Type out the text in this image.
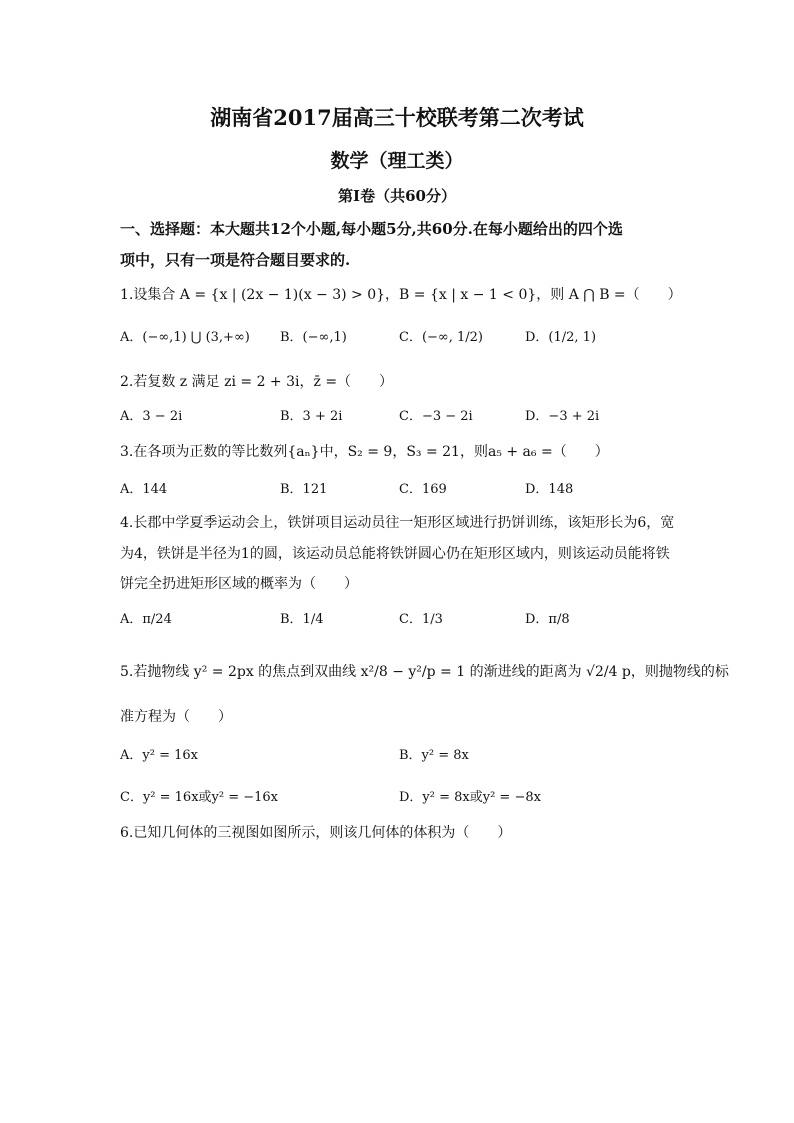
湖南省2017届高三十校联考第二次考试
数学（理工类）
第Ⅰ卷（共60分）
一、选择题：本大题共12个小题,每小题5分,共60分.在每小题给出的四个选
项中，只有一项是符合题目要求的.
1.设集合 A = {x | (2x − 1)(x − 3) > 0}，B = {x | x − 1 < 0}，则 A ⋂ B =（　　）
A．(−∞,1) ⋃ (3,+∞) B．(−∞,1)	C．(−∞, 1/2)	D．(1/2, 1)
2.若复数 z 满足 zi = 2 + 3i，z̄ =（　　）
A．3 − 2i	B．3 + 2i	C．−3 − 2i	D．−3 + 2i
3.在各项为正数的等比数列{aₙ}中，S₂ = 9，S₃ = 21，则a₅ + a₆ =（　　）
A．144	B．121	C．169	D．148
4.长郡中学夏季运动会上，铁饼项目运动员往一矩形区域进行扔饼训练，该矩形长为6，宽
为4，铁饼是半径为1的圆，该运动员总能将铁饼圆心仍在矩形区域内，则该运动员能将铁
饼完全扔进矩形区域的概率为（　　）
A．π/24	B．1/4	C．1/3	D．π/8
5.若抛物线 y² = 2px 的焦点到双曲线 x²/8 − y²/p = 1 的渐进线的距离为 √2/4 p，则抛物线的标
准方程为（　　）
A．y² = 16x	B．y² = 8x
C．y² = 16x或y² = −16x	D．y² = 8x或y² = −8x
6.已知几何体的三视图如图所示，则该几何体的体积为（　　）
